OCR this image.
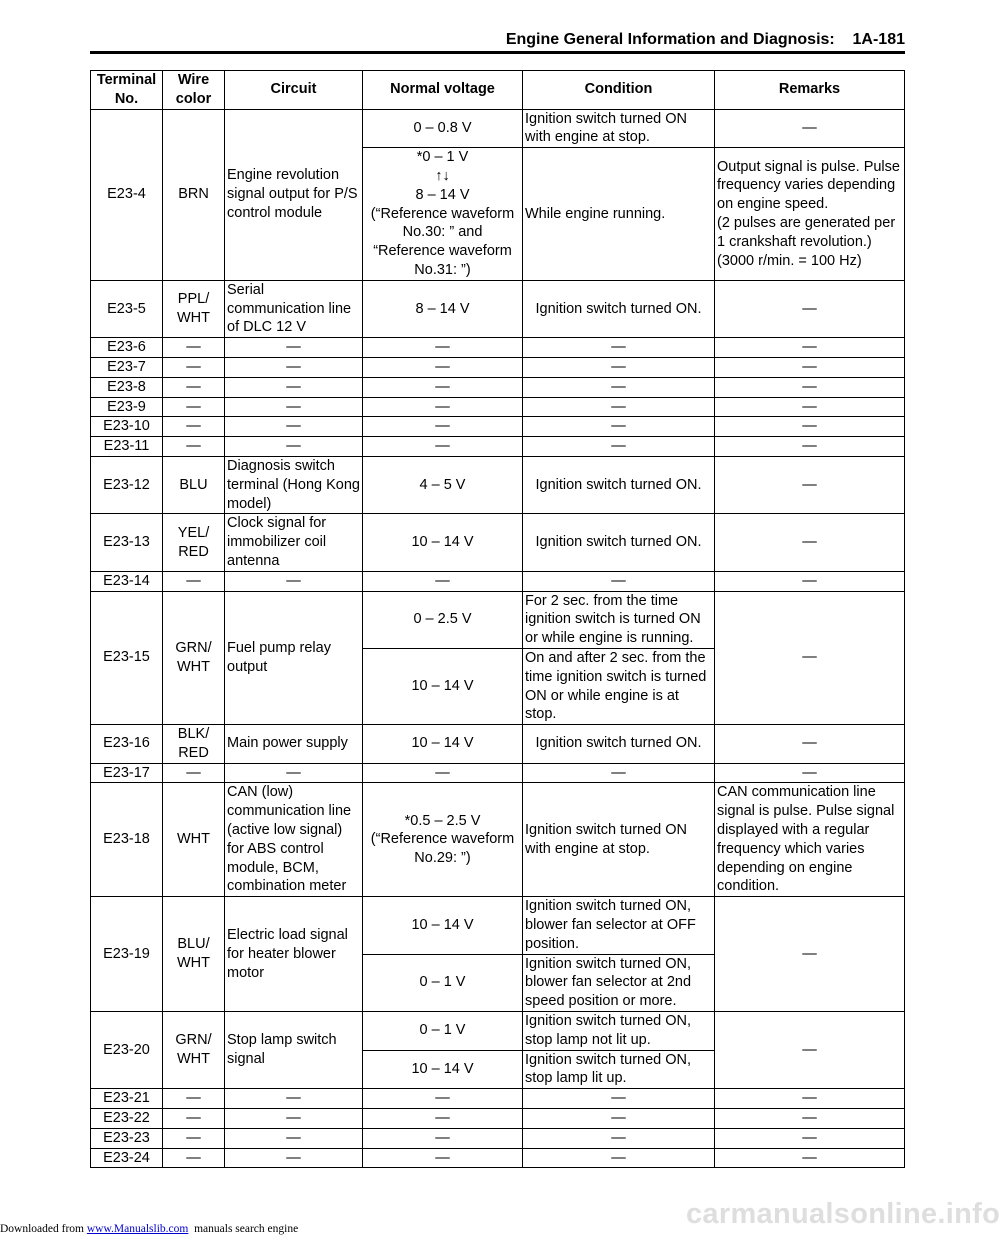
Engine General Information and Diagnosis:    1A-181
Terminal No.	Wire color	Circuit	Normal voltage	Condition	Remarks
E23-4	BRN	Engine revolution signal output for P/S control module	0 – 0.8 V	Ignition switch turned ON with engine at stop.	—
			*0 – 1 V
↑↓
8 – 14 V
(“Reference waveform No.30: ” and “Reference waveform No.31: ”)	While engine running.	Output signal is pulse. Pulse frequency varies depending on engine speed.
(2 pulses are generated per 1 crankshaft revolution.)
(3000 r/min. = 100 Hz)
E23-5	PPL/ WHT	Serial communication line of DLC 12 V	8 – 14 V	Ignition switch turned ON.	—
E23-6	—	—	—	—	—
E23-7	—	—	—	—	—
E23-8	—	—	—	—	—
E23-9	—	—	—	—	—
E23-10	—	—	—	—	—
E23-11	—	—	—	—	—
E23-12	BLU	Diagnosis switch terminal (Hong Kong model)	4 – 5 V	Ignition switch turned ON.	—
E23-13	YEL/ RED	Clock signal for immobilizer coil antenna	10 – 14 V	Ignition switch turned ON.	—
E23-14	—	—	—	—	—
E23-15	GRN/ WHT	Fuel pump relay output	0 – 2.5 V	For 2 sec. from the time ignition switch is turned ON or while engine is running.	—
			10 – 14 V	On and after 2 sec. from the time ignition switch is turned ON or while engine is at stop.	
E23-16	BLK/ RED	Main power supply	10 – 14 V	Ignition switch turned ON.	—
E23-17	—	—	—	—	—
E23-18	WHT	CAN (low) communication line (active low signal) for ABS control module, BCM, combination meter	*0.5 – 2.5 V
(“Reference waveform No.29: ”)	Ignition switch turned ON with engine at stop.	CAN communication line signal is pulse. Pulse signal displayed with a regular frequency which varies depending on engine condition.
E23-19	BLU/ WHT	Electric load signal for heater blower motor	10 – 14 V	Ignition switch turned ON, blower fan selector at OFF position.	—
			0 – 1 V	Ignition switch turned ON, blower fan selector at 2nd speed position or more.	
E23-20	GRN/ WHT	Stop lamp switch signal	0 – 1 V	Ignition switch turned ON, stop lamp not lit up.	—
			10 – 14 V	Ignition switch turned ON, stop lamp lit up.	
E23-21	—	—	—	—	—
E23-22	—	—	—	—	—
E23-23	—	—	—	—	—
E23-24	—	—	—	—	—
Downloaded from www.Manualslib.com  manuals search engine	carmanualsonline.info
